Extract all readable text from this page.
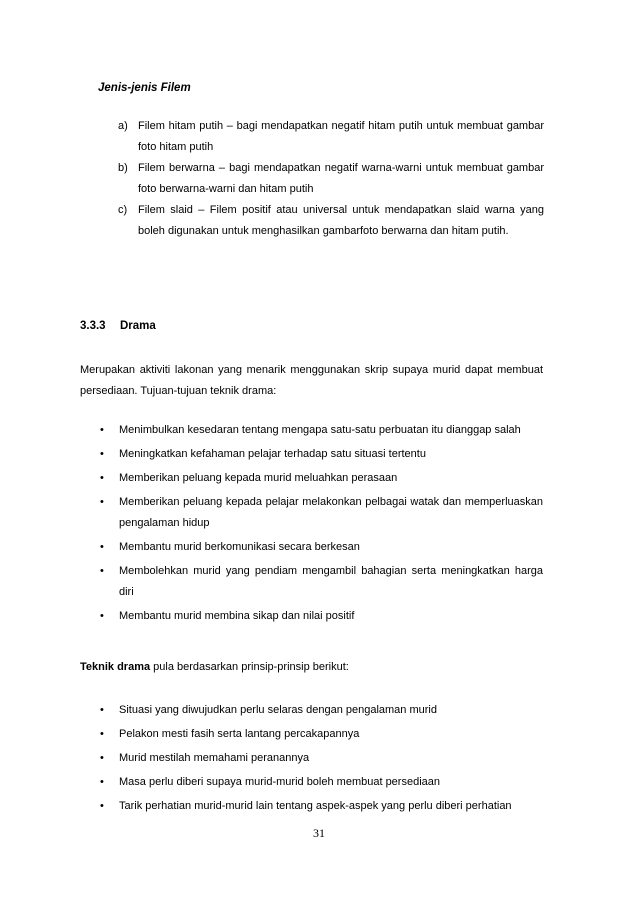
Jenis-jenis Filem
a) Filem hitam putih – bagi mendapatkan negatif hitam putih untuk membuat gambar foto hitam putih
b) Filem berwarna – bagi mendapatkan negatif warna-warni untuk membuat gambar foto berwarna-warni dan hitam putih
c) Filem slaid – Filem positif atau universal untuk mendapatkan slaid warna yang boleh digunakan untuk menghasilkan gambarfoto berwarna dan hitam putih.
3.3.3 Drama
Merupakan aktiviti lakonan yang menarik menggunakan skrip supaya murid dapat membuat persediaan. Tujuan-tujuan teknik drama:
• Menimbulkan kesedaran tentang mengapa satu-satu perbuatan itu dianggap salah
• Meningkatkan kefahaman pelajar terhadap satu situasi tertentu
• Memberikan peluang kepada murid meluahkan perasaan
• Memberikan peluang kepada pelajar melakonkan pelbagai watak dan memperluaskan pengalaman hidup
• Membantu murid berkomunikasi secara berkesan
• Membolehkan murid yang pendiam mengambil bahagian serta meningkatkan harga diri
• Membantu murid membina sikap dan nilai positif
Teknik drama pula berdasarkan prinsip-prinsip berikut:
• Situasi yang diwujudkan perlu selaras dengan pengalaman murid
• Pelakon mesti fasih serta lantang percakapannya
• Murid mestilah memahami peranannya
• Masa perlu diberi supaya murid-murid boleh membuat persediaan
• Tarik perhatian murid-murid lain tentang aspek-aspek yang perlu diberi perhatian
31
